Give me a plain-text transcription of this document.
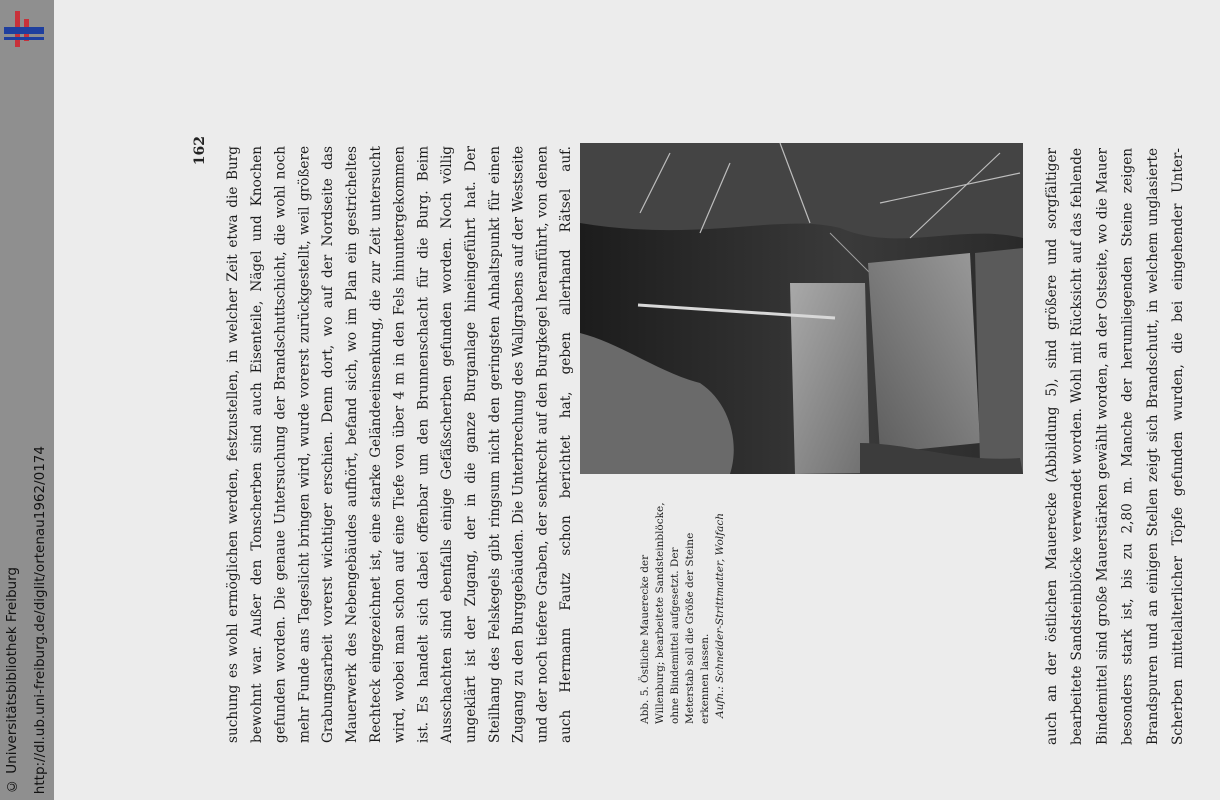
http://dl.ub.uni-freiburg.de/diglit/ortenau1962/0174
© Universitätsbibliothek Freiburg
162	auch an der östlichen Mauerecke (Abbildung 5), sind größere und sorgfältiger bearbeitete Sandsteinblöcke verwendet worden. Wohl mit Rücksicht auf das fehlende Bindemittel sind große Mauerstärken gewählt worden, an der Ostseite, wo die Mauer besonders stark ist, bis zu 2,80 m. Manche der herumliegenden Steine zeigen Brandspuren und an einigen Stellen zeigt sich Brandschutt, in welchem unglasierte Scherben mittelalterlicher Töpfe gefunden wurden, die bei eingehender Unter-

Abb. 5. Östliche Mauerecke der Willenburg; bearbeitete Sandsteinblöcke, ohne Bindemittel aufgesetzt. Der Meterstab soll die Größe der Steine erkennen lassen. Aufn.: Schneider-Strittmatter, Wolfach

suchung es wohl ermöglichen werden, festzustellen, in welcher Zeit etwa die Burg bewohnt war. Außer den Tonscherben sind auch Eisenteile, Nägel und Knochen gefunden worden. Die genaue Untersuchung der Brandschuttschicht, die wohl noch mehr Funde ans Tageslicht bringen wird, wurde vorerst zurückgestellt, weil größere Grabungsarbeit vorerst wichtiger erschien. Denn dort, wo auf der Nordseite das Mauerwerk des Nebengebäudes aufhört, befand sich, wo im Plan ein gestricheltes Rechteck eingezeichnet ist, eine starke Geländeeinsenkung, die zur Zeit untersucht wird, wobei man schon auf eine Tiefe von über 4 m in den Fels hinuntergekommen ist. Es handelt sich dabei offenbar um den Brunnenschacht für die Burg. Beim Ausschachten sind ebenfalls einige Gefäßscherben gefunden worden. Noch völlig ungeklärt ist der Zugang, der in die ganze Burganlage hineingeführt hat. Der Steilhang des Felskegels gibt ringsum nicht den geringsten Anhaltspunkt für einen Zugang zu den Burggebäuden. Die Unterbrechung des Wallgrabens auf der Westseite und der noch tiefere Graben, der senkrecht auf den Burgkegel heranführt, von denen auch Hermann Fautz schon berichtet hat, geben allerhand Rätsel auf.
